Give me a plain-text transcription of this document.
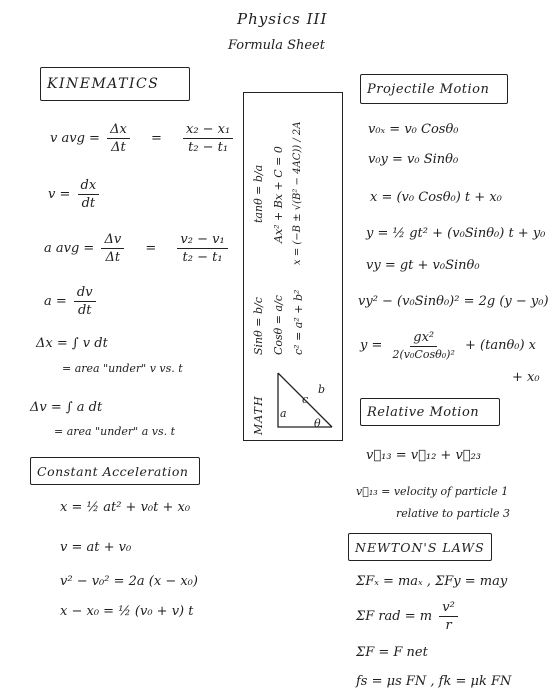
Physics III
Formula Sheet
KINEMATICS
v avg = $\frac{\Delta x}{\Delta t} = \frac{\text{x₂ − x₁}}{\text{t₂ − t₁}}$
$v = \frac{dx}{dt}$
a avg = $\frac{\Delta v}{\Delta t} = \frac{\text{v₂ − v₁}}{\text{t₂ − t₁}}$
$a = \frac{dv}{dt}$
Δx = ∫ v dt
= area "under" v vs. t
Δv = ∫ a dt
= area "under" a vs. t
Constant Acceleration
x = ½ at² + v₀t + x₀
v = at + v₀
v² − v₀² = 2a (x − x₀)
x − x₀ = ½ (v₀ + v) t
MATH
Sinθ = b/c Cosθ = a/c c² = a² + b²
tanθ = b/a Ax² + Bx + C = 0 x = (−B ± √(B² − 4AC)) / 2A
c
b
a
θ
Projectile Motion
v₀ₓ = v₀ Cosθ₀
v₀y = v₀ Sinθ₀
x = (v₀ Cosθ₀) t + x₀
y = ½ gt² + (v₀Sinθ₀) t + y₀
vy = gt + v₀Sinθ₀
vy² − (v₀Sinθ₀)² = 2g (y − y₀)
$y = \frac{\text{gx²}}{\text{2(v₀Cosθ₀)²}} + (\tan\theta_0)$ x
+ x₀
Relative Motion
v⃗₁₃ = v⃗₁₂ + v⃗₂₃
v⃗₁₃ = velocity of particle 1
relative to particle 3
NEWTON'S LAWS
ΣFₓ = maₓ , ΣFy = may
ΣF rad = m $\frac{\text{v²}}{r}$
ΣF = F net
fs = μs FN , fk = μk FN
